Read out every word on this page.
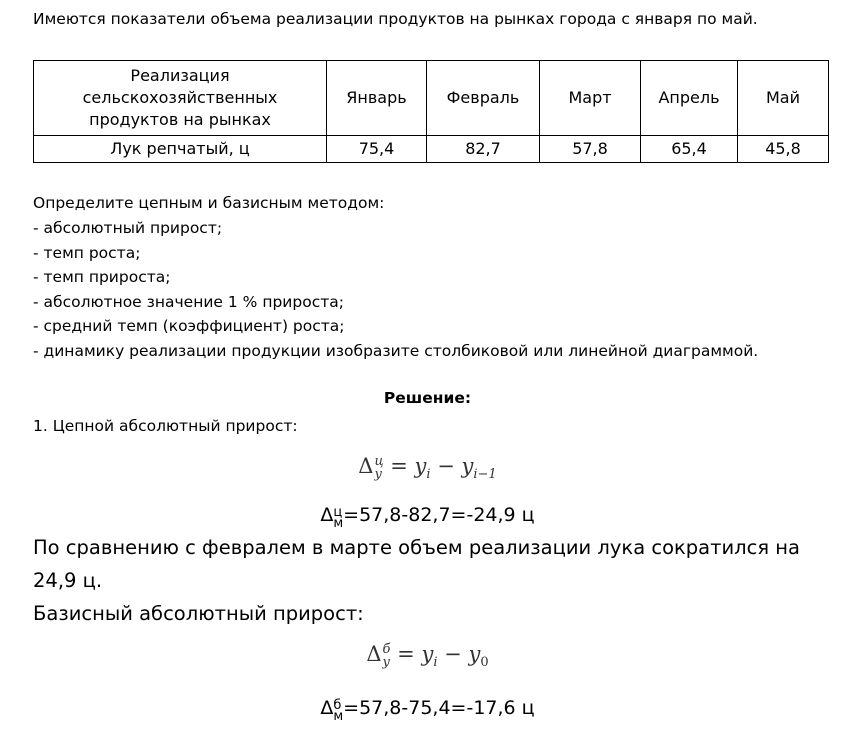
Имеются показатели объема реализации продуктов на рынках города с января по май.
Реализация
сельскохозяйственных
продуктов на рынках	Январь	Февраль	Март	Апрель	Май
Лук репчатый, ц	75,4	82,7	57,8	65,4	45,8
Определите цепным и базисным методом:
- абсолютный прирост;
- темп роста;
- темп прироста;
- абсолютное значение 1 % прироста;
- средний темп (коэффициент) роста;
- динамику реализации продукции изобразите столбиковой или линейной диаграммой.
Решение:
1. Цепной абсолютный прирост:
Δц
$y = y_i - y_{i-1}$
Δц
м=57,8-82,7=-24,9 ц
По сравнению с февралем в марте объем реализации лука сократился на
24,9 ц.
Базисный абсолютный прирост:
Δб
$y = y_i - y_0$
Δб
м=57,8-75,4=-17,6 ц
